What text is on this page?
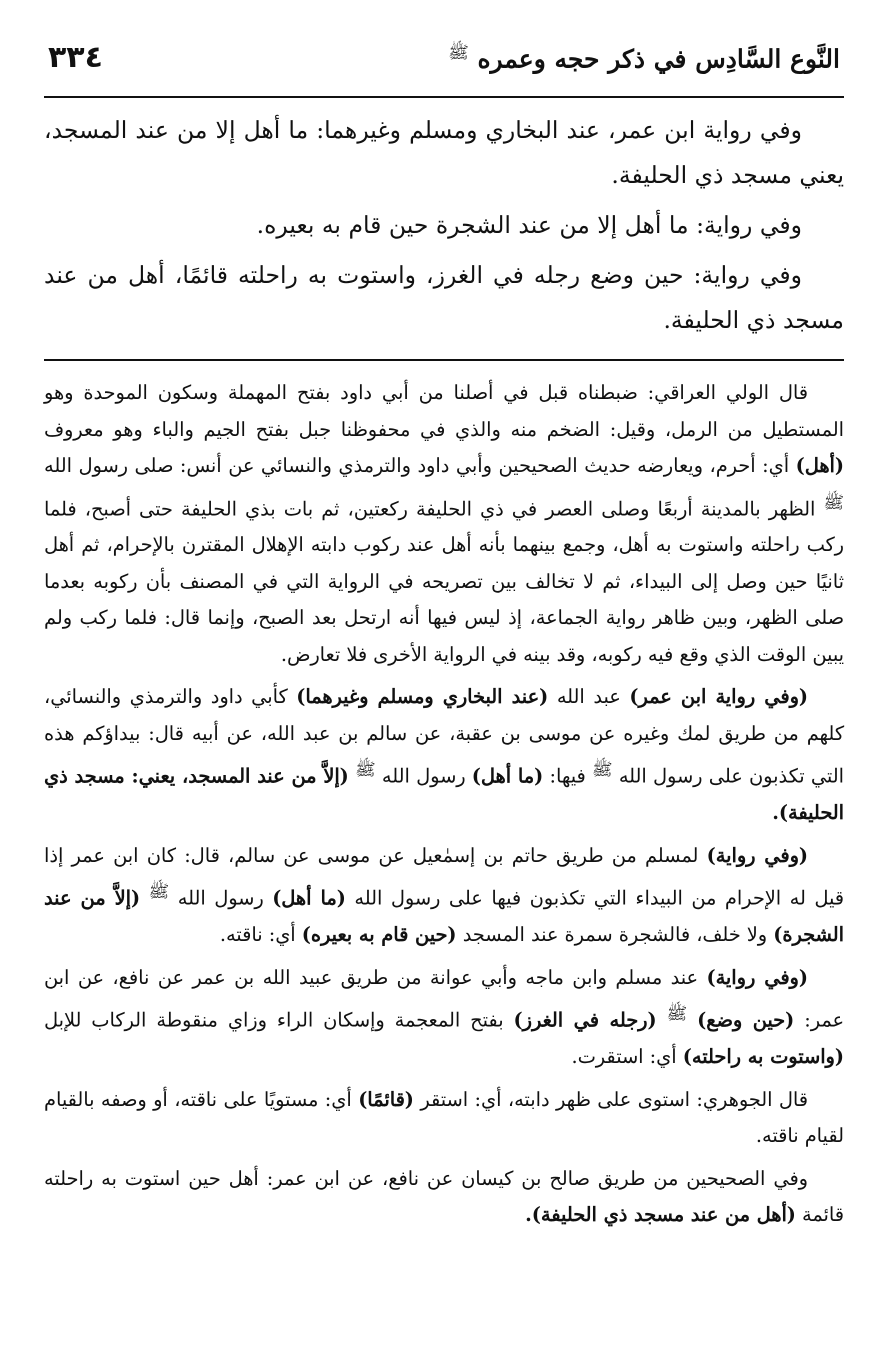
النَّوع السَّادِس في ذكر حجه وعمره $^ﷺ$
٣٣٤

وفي رواية ابن عمر، عند البخاري ومسلم وغيرهما: ما أهل إلا من عند المسجد، يعني مسجد ذي الحليفة.

وفي رواية: ما أهل إلا من عند الشجرة حين قام به بعيره.

وفي رواية: حين وضع رجله في الغرز، واستوت به راحلته قائمًا، أهل من عند مسجد ذي الحليفة.

قال الولي العراقي: ضبطناه قبل في أصلنا من أبي داود بفتح المهملة وسكون الموحدة وهو المستطيل من الرمل، وقيل: الضخم منه والذي في محفوظنا جبل بفتح الجيم والباء وهو معروف (أهل) أي: أحرم، ويعارضه حديث الصحيحين وأبي داود والترمذي والنسائي عن أنس: صلى رسول الله ﷺ الظهر بالمدينة أربعًا وصلى العصر في ذي الحليفة ركعتين، ثم بات بذي الحليفة حتى أصبح، فلما ركب راحلته واستوت به أهل، وجمع بينهما بأنه أهل عند ركوب دابته الإهلال المقترن بالإحرام، ثم أهل ثانيًا حين وصل إلى البيداء، ثم لا تخالف بين تصريحه في الرواية التي في المصنف بأن ركوبه بعدما صلى الظهر، وبين ظاهر رواية الجماعة، إذ ليس فيها أنه ارتحل بعد الصبح، وإنما قال: فلما ركب ولم يبين الوقت الذي وقع فيه ركوبه، وقد بينه في الرواية الأخرى فلا تعارض.

(وفي رواية ابن عمر) عبد الله (عند البخاري ومسلم وغيرهما) كأبي داود والترمذي والنسائي، كلهم من طريق لمك وغيره عن موسى بن عقبة، عن سالم بن عبد الله، عن أبيه قال: بيداؤكم هذه التي تكذبون على رسول الله ﷺ فيها: (ما أهل) رسول الله ﷺ (إلاَّ من عند المسجد، يعني: مسجد ذي الحليفة).

(وفي رواية) لمسلم من طريق حاتم بن إسمٰعيل عن موسى عن سالم، قال: كان ابن عمر إذا قيل له الإحرام من البيداء التي تكذبون فيها على رسول الله (ما أهل) رسول الله ﷺ (إلاَّ من عند الشجرة) ولا خلف، فالشجرة سمرة عند المسجد (حين قام به بعيره) أي: ناقته.

(وفي رواية) عند مسلم وابن ماجه وأبي عوانة من طريق عبيد الله بن عمر عن نافع، عن ابن عمر: (حين وضع) ﷺ (رجله في الغرز) بفتح المعجمة وإسكان الراء وزاي منقوطة الركاب للإبل (واستوت به راحلته) أي: استقرت.

قال الجوهري: استوى على ظهر دابته، أي: استقر (قائمًا) أي: مستويًا على ناقته، أو وصفه بالقيام لقيام ناقته.

وفي الصحيحين من طريق صالح بن كيسان عن نافع، عن ابن عمر: أهل حين استوت به راحلته قائمة (أهل من عند مسجد ذي الحليفة).
